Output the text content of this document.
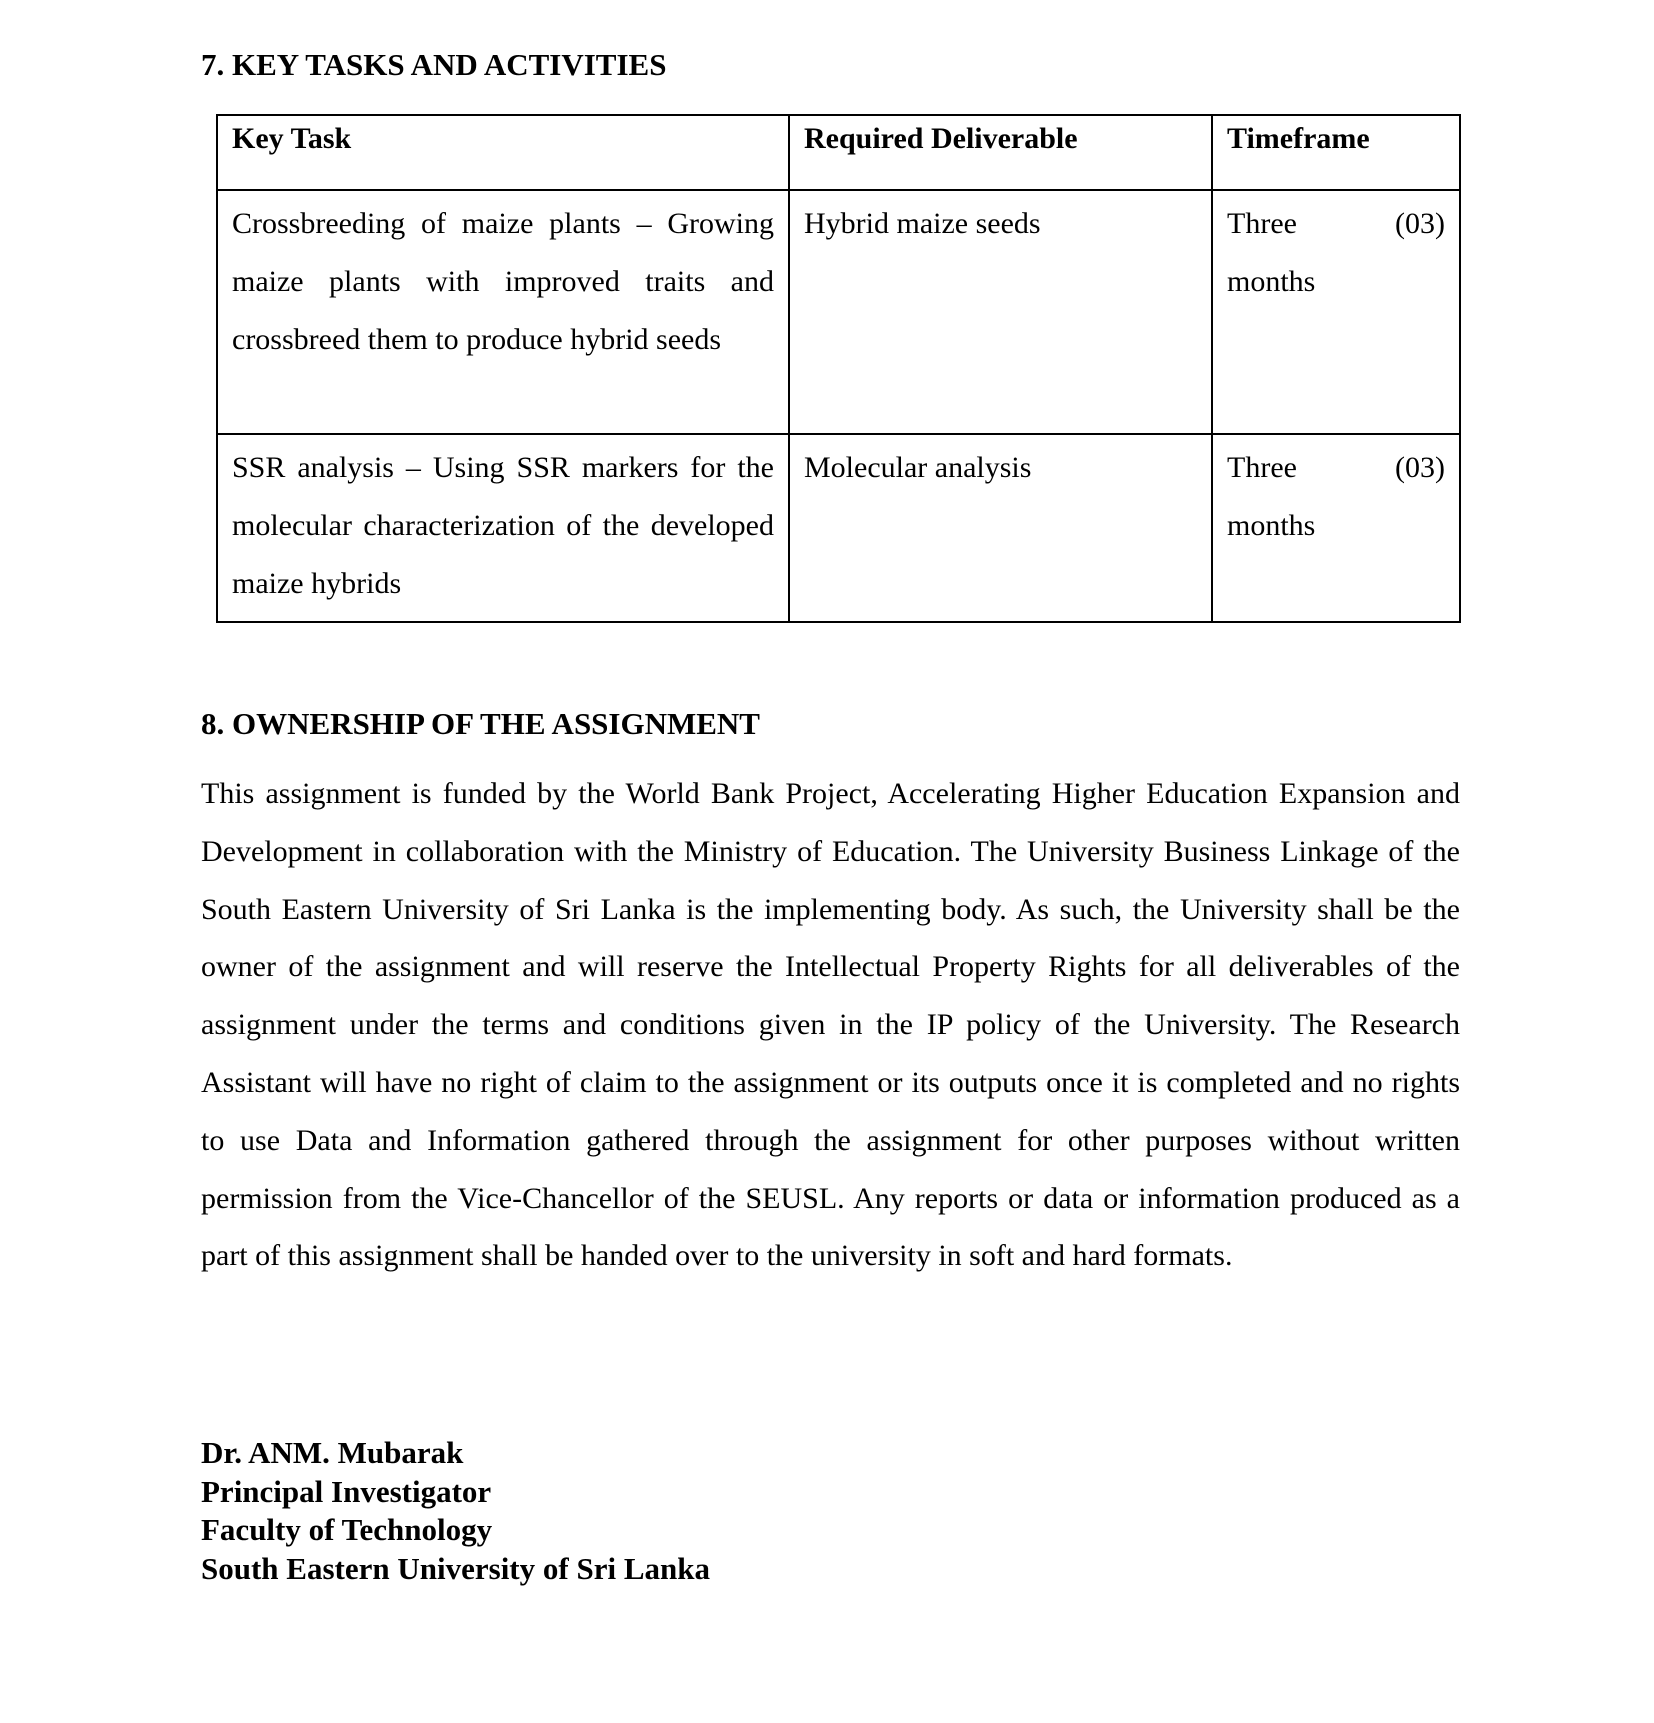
7. KEY TASKS AND ACTIVITIES
Key Task	Required Deliverable	Timeframe
Crossbreeding of maize plants – Growing maize plants with improved traits and crossbreed them to produce hybrid seeds	Hybrid maize seeds	Three (03) months
SSR analysis – Using SSR markers for the molecular characterization of the developed maize hybrids	Molecular analysis	Three (03) months
8. OWNERSHIP OF THE ASSIGNMENT

This assignment is funded by the World Bank Project, Accelerating Higher Education Expansion and Development in collaboration with the Ministry of Education. The University Business Linkage of the South Eastern University of Sri Lanka is the implementing body. As such, the University shall be the owner of the assignment and will reserve the Intellectual Property Rights for all deliverables of the assignment under the terms and conditions given in the IP policy of the University. The Research Assistant will have no right of claim to the assignment or its outputs once it is completed and no rights to use Data and Information gathered through the assignment for other purposes without written permission from the Vice-Chancellor of the SEUSL. Any reports or data or information produced as a part of this assignment shall be handed over to the university in soft and hard formats.

Dr. ANM. Mubarak
Principal Investigator
Faculty of Technology
South Eastern University of Sri Lanka
